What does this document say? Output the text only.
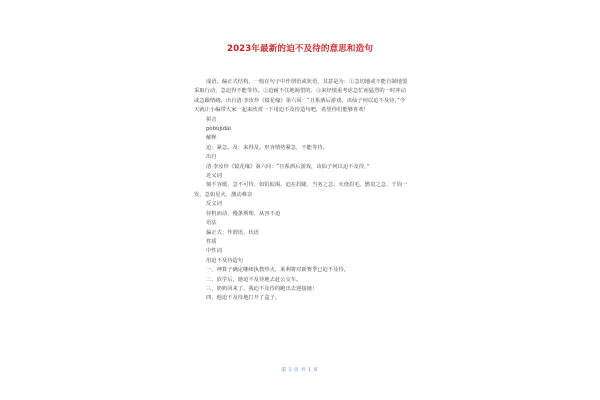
2023年最新的迫不及待的意思和造句

成语。偏正式结构，一般在句子中作谓语或状语，其意是为：①急切地或不能自制地要采取行动，急迫得不能等待。②迫耐不住地渴望的。③来经慎重考虑急忙而猛烈的一时冲动或急躁情绪。出自清·李汝珍《镜花缘》第六回：“且系酒后游戏，该仙子何以迫不及待，”今天就让小编带大家一起来欣赏一下用迫不及待造句吧，希望你们能够喜欢！

拼音

pòbùjídài

解释

迫：紧急。及：来得及。形容情势紧急，不能等待。

出自

清·李汝珍《镜花缘》第六回：“且系酒后游戏，该仙子何以迫不及待，”

近义词

刻不容缓、急不可待、如饥似渴、迫在眉睫、当务之急、火烧眉毛、燃眉之急、千钧一发、急如星火、激动难奈

反义词

待机而动、慢条斯理、从容不迫

语法

偏正式；作谓语、状语

性质

中性词

用迫不及待造句

一、神算子确定继续执教热火，莱利将对新赛季已迫不及待。

二、放学后，她迫不及待地去赶公交车。

三、奶奶回来了，我迫不及待的跑出去迎接她！

四、他迫不及待地打开了盒子。

第 1 页 共 1 页
